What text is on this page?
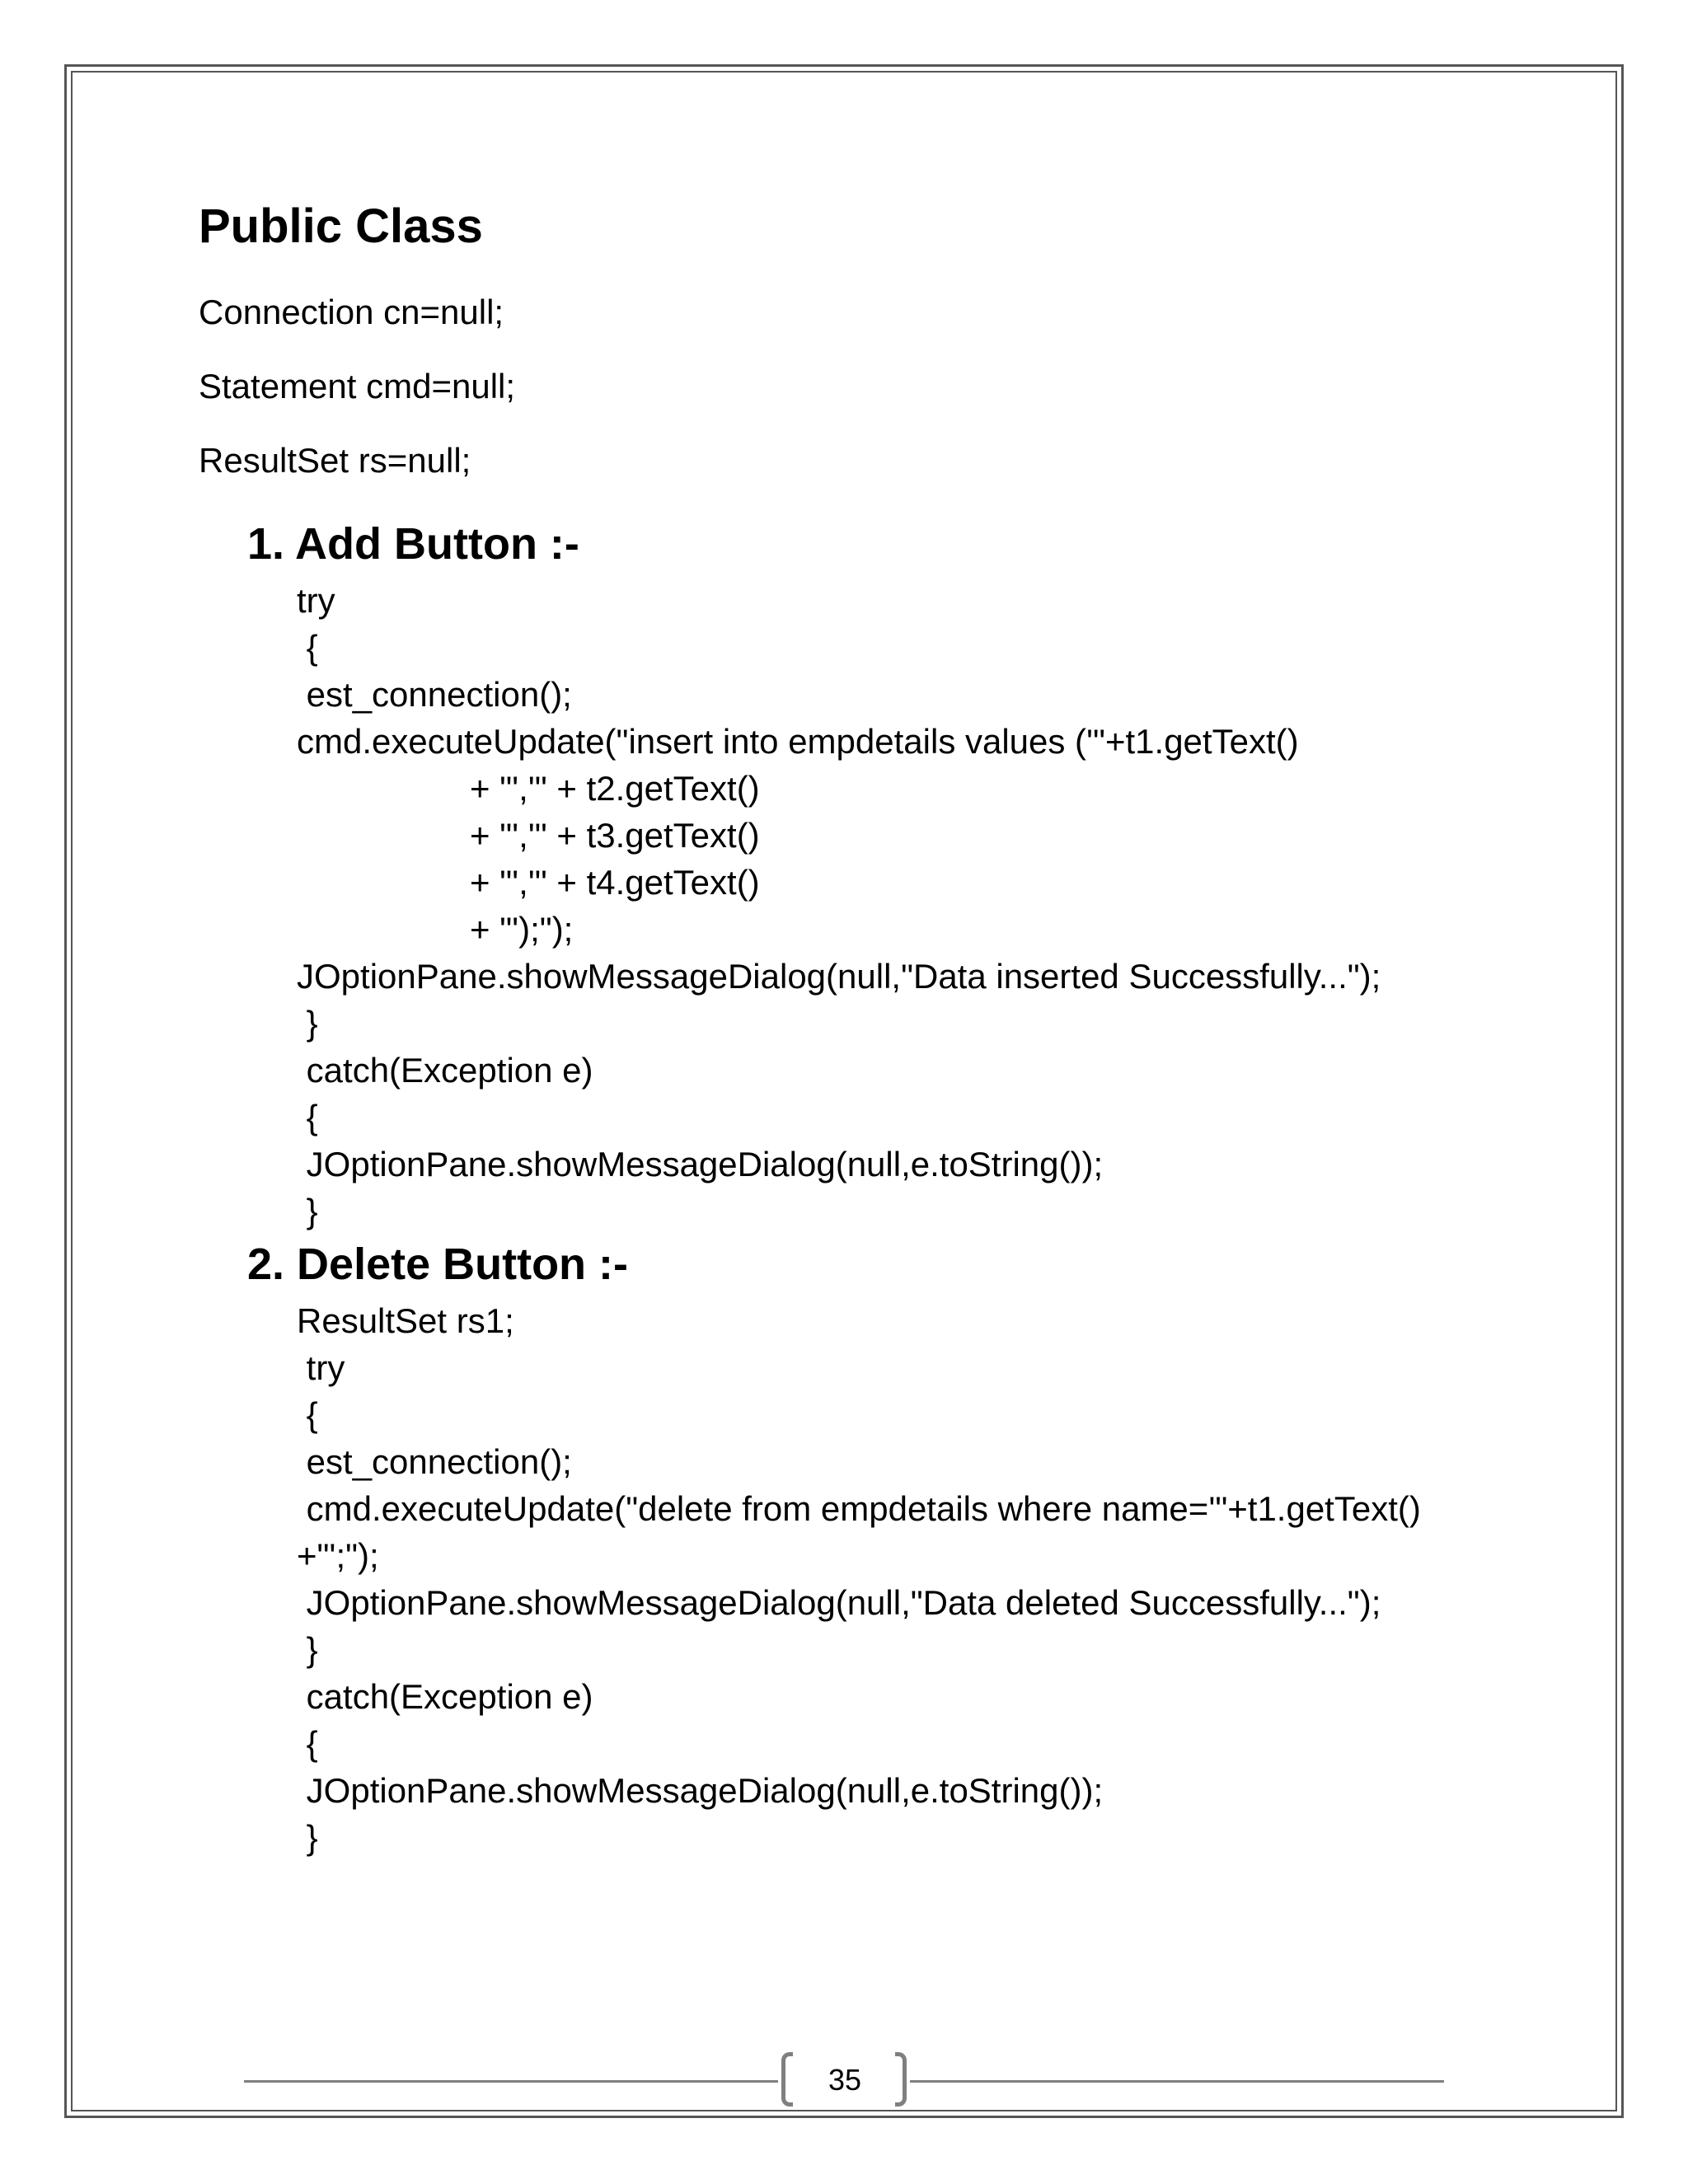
Public Class
Connection cn=null;
Statement cmd=null;
ResultSet rs=null;
1. Add Button :-
try
{
est_connection();
cmd.executeUpdate("insert into empdetails values ('"+t1.getText()
+ "','" + t2.getText()
+ "','" + t3.getText()
+ "','" + t4.getText()
+ "');");
JOptionPane.showMessageDialog(null,"Data inserted Successfully...");
}
catch(Exception e)
{
JOptionPane.showMessageDialog(null,e.toString());
}
2. Delete Button :-
ResultSet rs1;
try
{
est_connection();
cmd.executeUpdate("delete from empdetails where name='"+t1.getText()
+"';");
JOptionPane.showMessageDialog(null,"Data deleted Successfully...");
}
catch(Exception e)
{
JOptionPane.showMessageDialog(null,e.toString());
}
35
